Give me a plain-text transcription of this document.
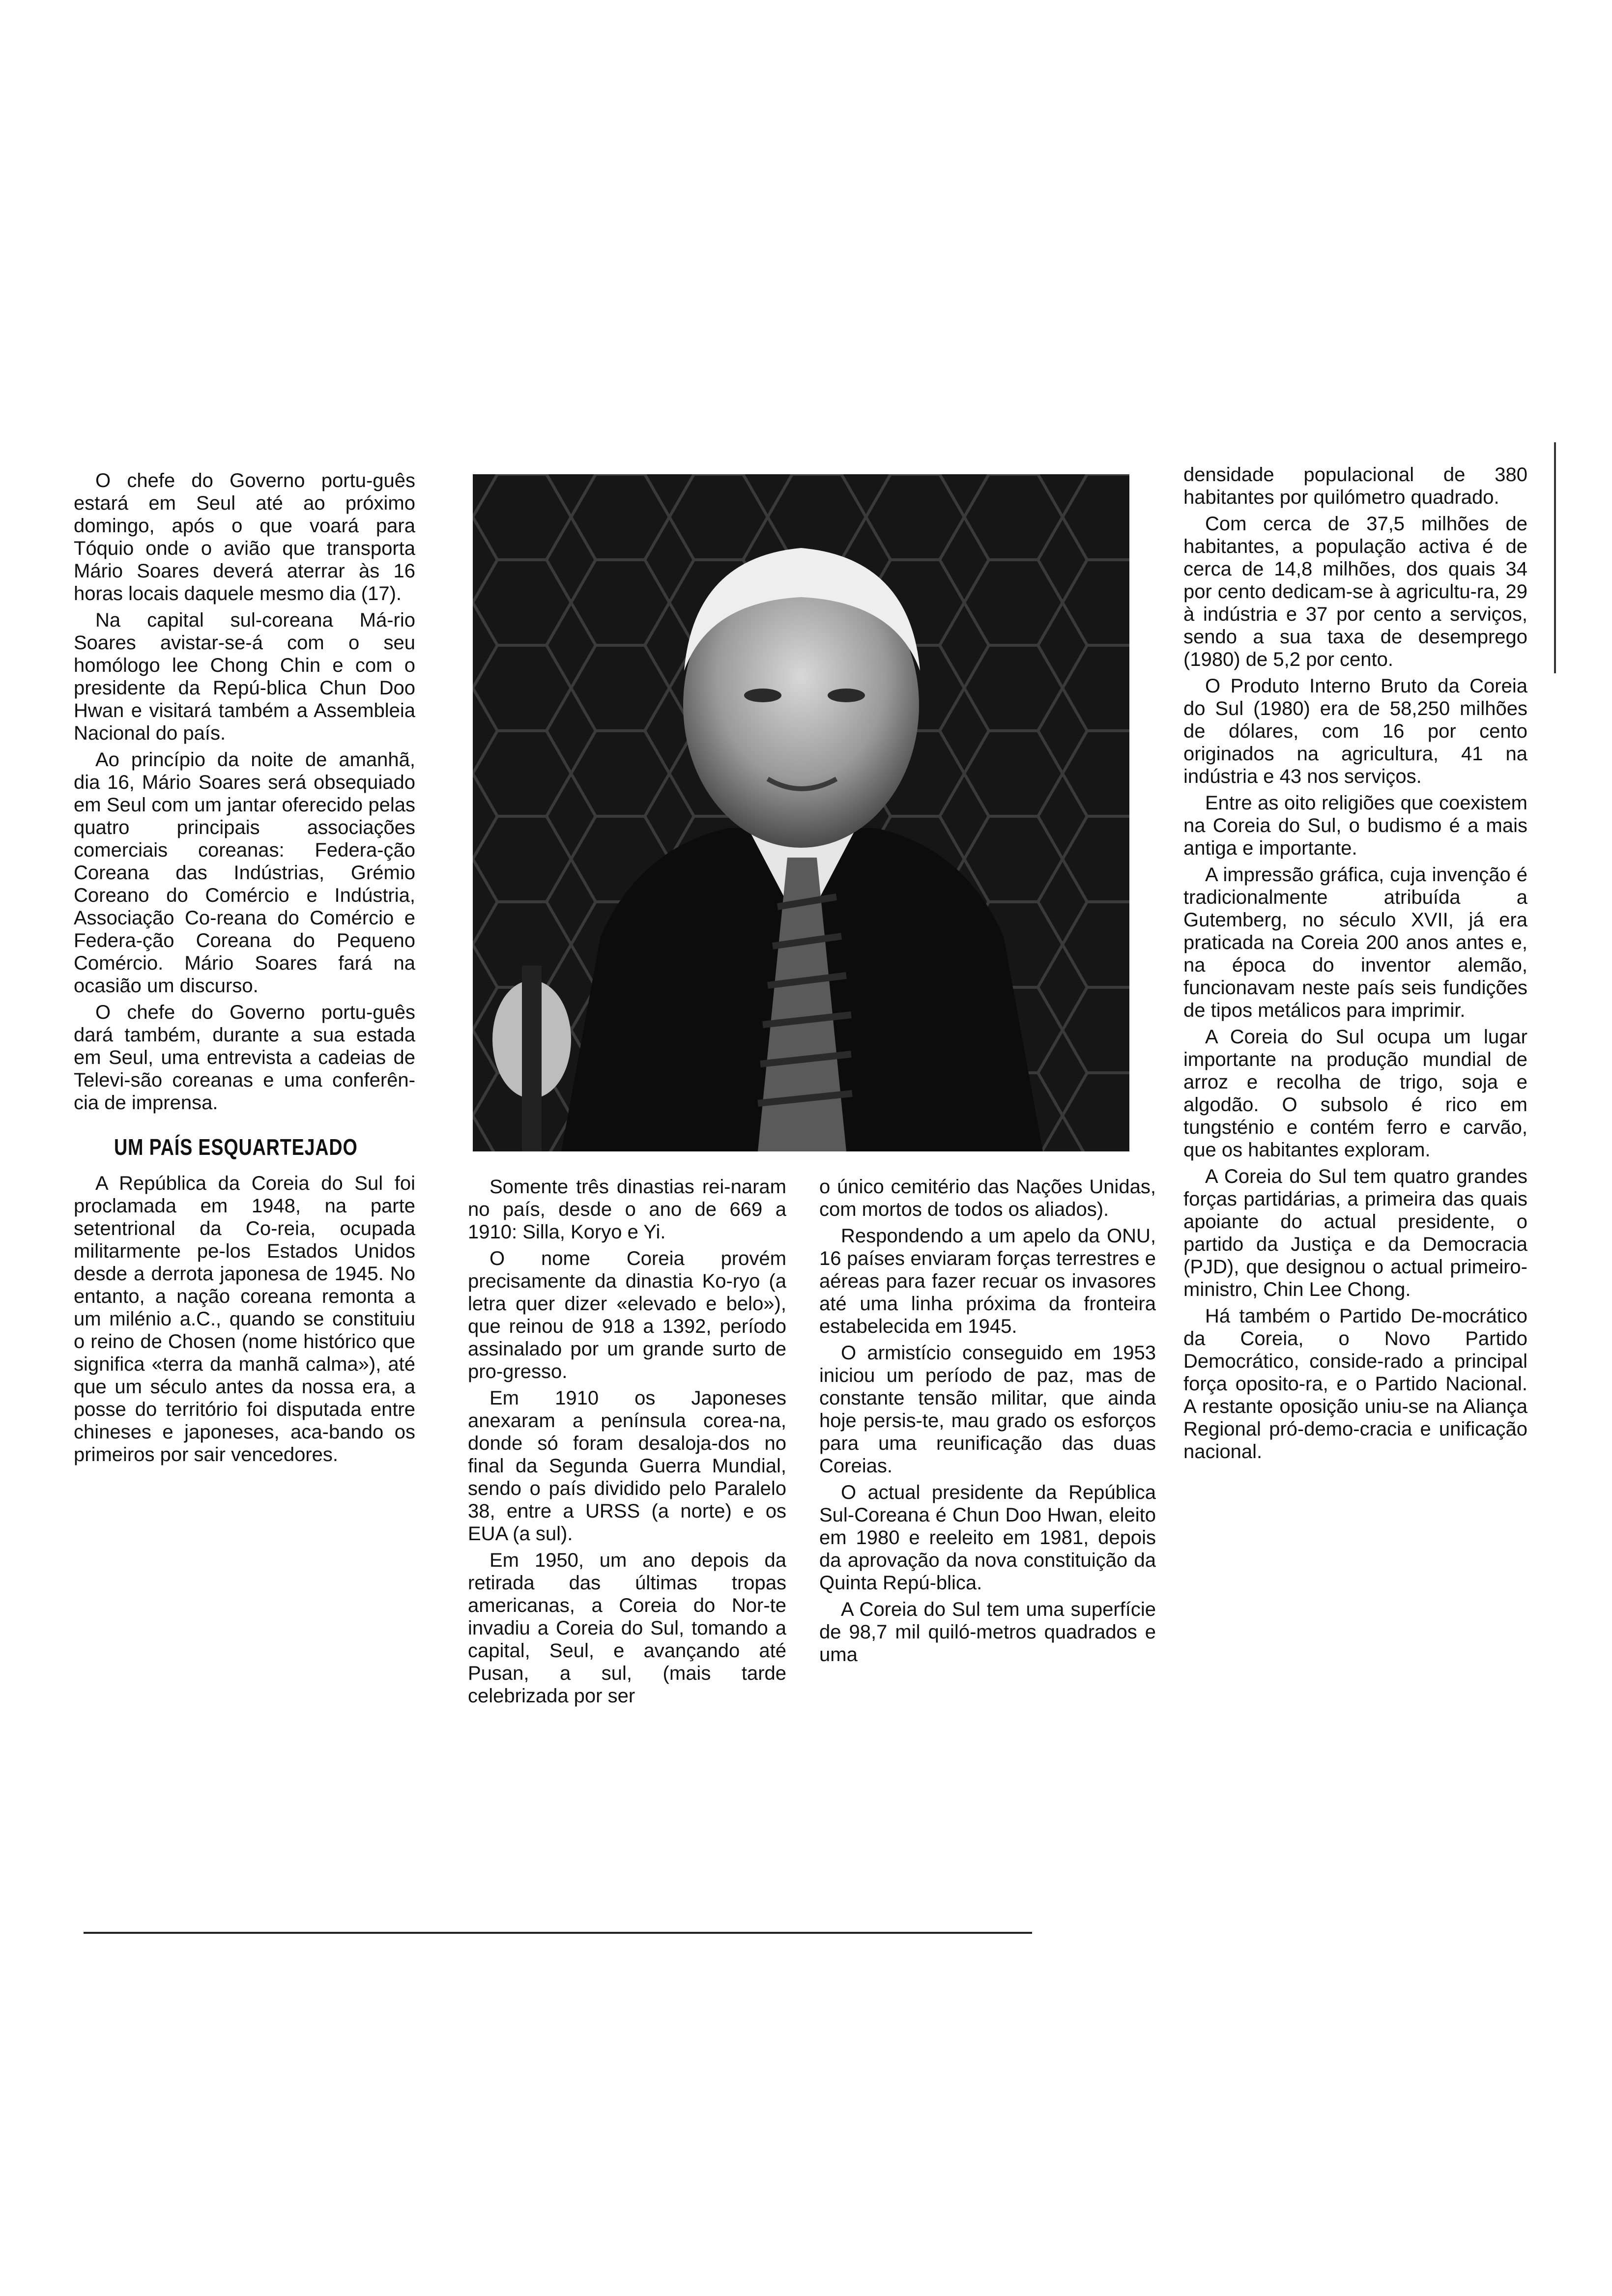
O chefe do Governo portu-guês estará em Seul até ao próximo domingo, após o que voará para Tóquio onde o avião que transporta Mário Soares deverá aterrar às 16 horas locais daquele mesmo dia (17).

Na capital sul-coreana Má-rio Soares avistar-se-á com o seu homólogo lee Chong Chin e com o presidente da Repú-blica Chun Doo Hwan e visitará também a Assembleia Nacional do país.

Ao princípio da noite de amanhã, dia 16, Mário Soares será obsequiado em Seul com um jantar oferecido pelas quatro principais associações comerciais coreanas: Federa-ção Coreana das Indústrias, Grémio Coreano do Comércio e Indústria, Associação Co-reana do Comércio e Federa-ção Coreana do Pequeno Comércio. Mário Soares fará na ocasião um discurso.

O chefe do Governo portu-guês dará também, durante a sua estada em Seul, uma entrevista a cadeias de Televi-são coreanas e uma conferên-cia de imprensa.

UM PAÍS ESQUARTEJADO

A República da Coreia do Sul foi proclamada em 1948, na parte setentrional da Co-reia, ocupada militarmente pe-los Estados Unidos desde a derrota japonesa de 1945. No entanto, a nação coreana remonta a um milénio a.C., quando se constituiu o reino de Chosen (nome histórico que significa «terra da manhã calma»), até que um século antes da nossa era, a posse do território foi disputada entre chineses e japoneses, aca-bando os primeiros por sair vencedores.

Somente três dinastias rei-naram no país, desde o ano de 669 a 1910: Silla, Koryo e Yi.

O nome Coreia provém precisamente da dinastia Ko-ryo (a letra quer dizer «elevado e belo»), que reinou de 918 a 1392, período assinalado por um grande surto de pro-gresso.

Em 1910 os Japoneses anexaram a península corea-na, donde só foram desaloja-dos no final da Segunda Guerra Mundial, sendo o país dividido pelo Paralelo 38, entre a URSS (a norte) e os EUA (a sul).

Em 1950, um ano depois da retirada das últimas tropas americanas, a Coreia do Nor-te invadiu a Coreia do Sul, tomando a capital, Seul, e avançando até Pusan, a sul, (mais tarde celebrizada por ser

o único cemitério das Nações Unidas, com mortos de todos os aliados).

Respondendo a um apelo da ONU, 16 países enviaram forças terrestres e aéreas para fazer recuar os invasores até uma linha próxima da fronteira estabelecida em 1945.

O armistício conseguido em 1953 iniciou um período de paz, mas de constante tensão militar, que ainda hoje persis-te, mau grado os esforços para uma reunificação das duas Coreias.

O actual presidente da República Sul-Coreana é Chun Doo Hwan, eleito em 1980 e reeleito em 1981, depois da aprovação da nova constituição da Quinta Repú-blica.

A Coreia do Sul tem uma superfície de 98,7 mil quiló-metros quadrados e uma

densidade populacional de 380 habitantes por quilómetro quadrado.

Com cerca de 37,5 milhões de habitantes, a população activa é de cerca de 14,8 milhões, dos quais 34 por cento dedicam-se à agricultu-ra, 29 à indústria e 37 por cento a serviços, sendo a sua taxa de desemprego (1980) de 5,2 por cento.

O Produto Interno Bruto da Coreia do Sul (1980) era de 58,250 milhões de dólares, com 16 por cento originados na agricultura, 41 na indústria e 43 nos serviços.

Entre as oito religiões que coexistem na Coreia do Sul, o budismo é a mais antiga e importante.

A impressão gráfica, cuja invenção é tradicionalmente atribuída a Gutemberg, no século XVII, já era praticada na Coreia 200 anos antes e, na época do inventor alemão, funcionavam neste país seis fundições de tipos metálicos para imprimir.

A Coreia do Sul ocupa um lugar importante na produção mundial de arroz e recolha de trigo, soja e algodão. O subsolo é rico em tungsténio e contém ferro e carvão, que os habitantes exploram.

A Coreia do Sul tem quatro grandes forças partidárias, a primeira das quais apoiante do actual presidente, o partido da Justiça e da Democracia (PJD), que designou o actual primeiro-ministro, Chin Lee Chong.

Há também o Partido De-mocrático da Coreia, o Novo Partido Democrático, conside-rado a principal força oposito-ra, e o Partido Nacional. A restante oposição uniu-se na Aliança Regional pró-demo-cracia e unificação nacional.
